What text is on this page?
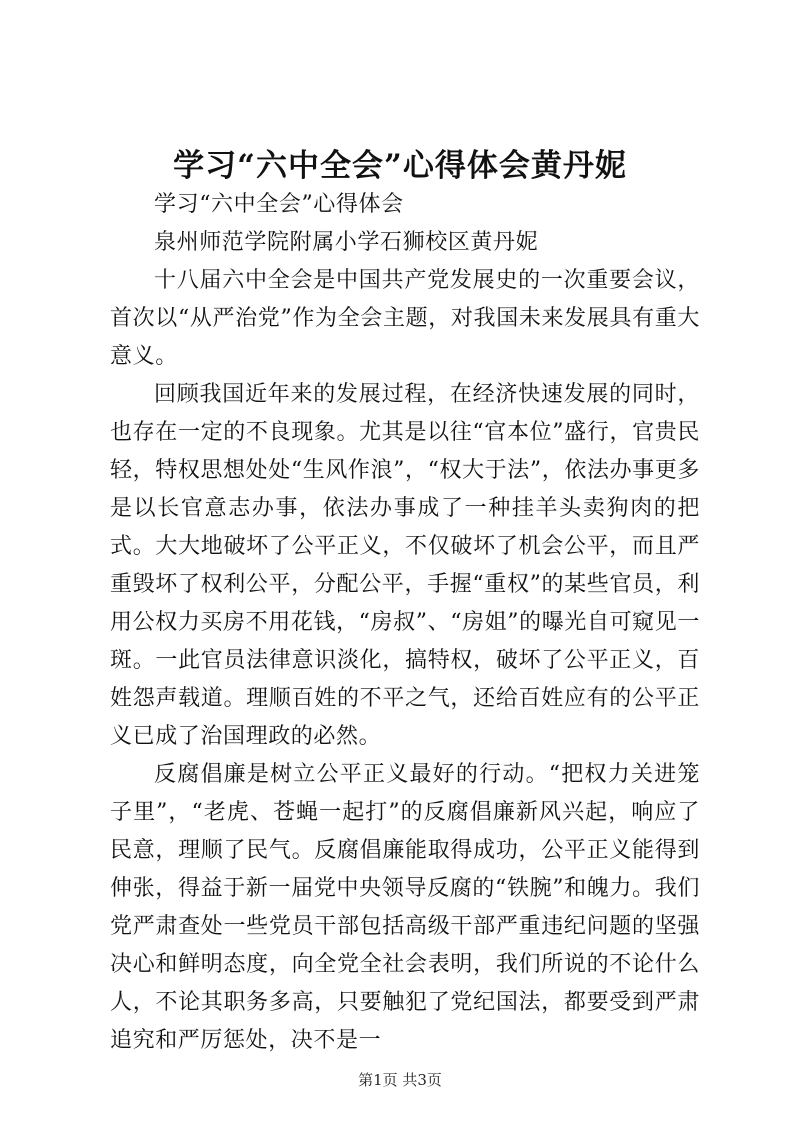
学习“六中全会”心得体会黄丹妮

学习“六中全会”心得体会

泉州师范学院附属小学石狮校区黄丹妮

十八届六中全会是中国共产党发展史的一次重要会议，首次以“从严治党”作为全会主题，对我国未来发展具有重大意义。

回顾我国近年来的发展过程，在经济快速发展的同时，也存在一定的不良现象。尤其是以往“官本位”盛行，官贵民轻，特权思想处处“生风作浪”，“权大于法”，依法办事更多是以长官意志办事，依法办事成了一种挂羊头卖狗肉的把式。大大地破坏了公平正义，不仅破坏了机会公平，而且严重毁坏了权利公平，分配公平，手握“重权”的某些官员，利用公权力买房不用花钱，“房叔”、“房姐”的曝光自可窥见一斑。一此官员法律意识淡化，搞特权，破坏了公平正义，百姓怨声载道。理顺百姓的不平之气，还给百姓应有的公平正义已成了治国理政的必然。

反腐倡廉是树立公平正义最好的行动。“把权力关进笼子里”，“老虎、苍蝇一起打”的反腐倡廉新风兴起，响应了民意，理顺了民气。反腐倡廉能取得成功，公平正义能得到伸张，得益于新一届党中央领导反腐的“铁腕”和魄力。我们党严肃查处一些党员干部包括高级干部严重违纪问题的坚强决心和鲜明态度，向全党全社会表明，我们所说的不论什么人，不论其职务多高，只要触犯了党纪国法，都要受到严肃追究和严厉惩处，决不是一

第1页 共3页
